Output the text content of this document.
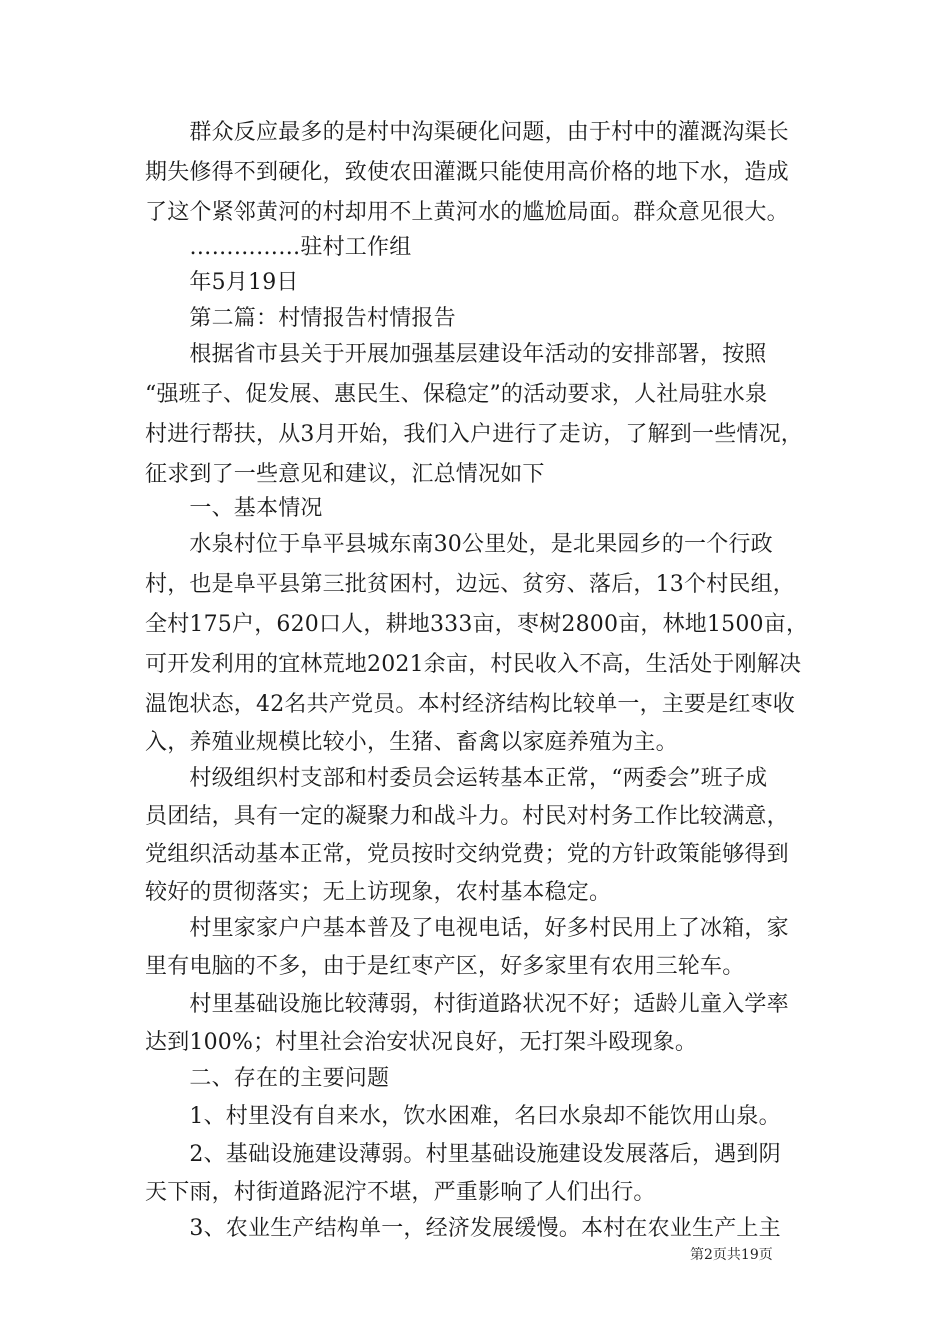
　　群众反应最多的是村中沟渠硬化问题，由于村中的灌溉沟渠长
期失修得不到硬化，致使农田灌溉只能使用高价格的地下水，造成
了这个紧邻黄河的村却用不上黄河水的尴尬局面。群众意见很大。
　　……………驻村工作组
　　年5月19日
　　第二篇：村情报告村情报告
　　根据省市县关于开展加强基层建设年活动的安排部署，按照
“强班子、促发展、惠民生、保稳定”的活动要求，人社局驻水泉
村进行帮扶，从3月开始，我们入户进行了走访，了解到一些情况，
征求到了一些意见和建议，汇总情况如下
　　一、基本情况
　　水泉村位于阜平县城东南30公里处，是北果园乡的一个行政
村，也是阜平县第三批贫困村，边远、贫穷、落后，13个村民组，
全村175户，620口人，耕地333亩，枣树2800亩，林地1500亩，
可开发利用的宜林荒地2021余亩，村民收入不高，生活处于刚解决
温饱状态，42名共产党员。本村经济结构比较单一，主要是红枣收
入，养殖业规模比较小，生猪、畜禽以家庭养殖为主。
　　村级组织村支部和村委员会运转基本正常，“两委会”班子成
员团结，具有一定的凝聚力和战斗力。村民对村务工作比较满意，
党组织活动基本正常，党员按时交纳党费；党的方针政策能够得到
较好的贯彻落实；无上访现象，农村基本稳定。
　　村里家家户户基本普及了电视电话，好多村民用上了冰箱，家
里有电脑的不多，由于是红枣产区，好多家里有农用三轮车。
　　村里基础设施比较薄弱，村街道路状况不好；适龄儿童入学率
达到100%；村里社会治安状况良好，无打架斗殴现象。
　　二、存在的主要问题
　　1、村里没有自来水，饮水困难，名曰水泉却不能饮用山泉。
　　2、基础设施建设薄弱。村里基础设施建设发展落后，遇到阴
天下雨，村街道路泥泞不堪，严重影响了人们出行。
　　3、农业生产结构单一，经济发展缓慢。本村在农业生产上主
第2页共19页
